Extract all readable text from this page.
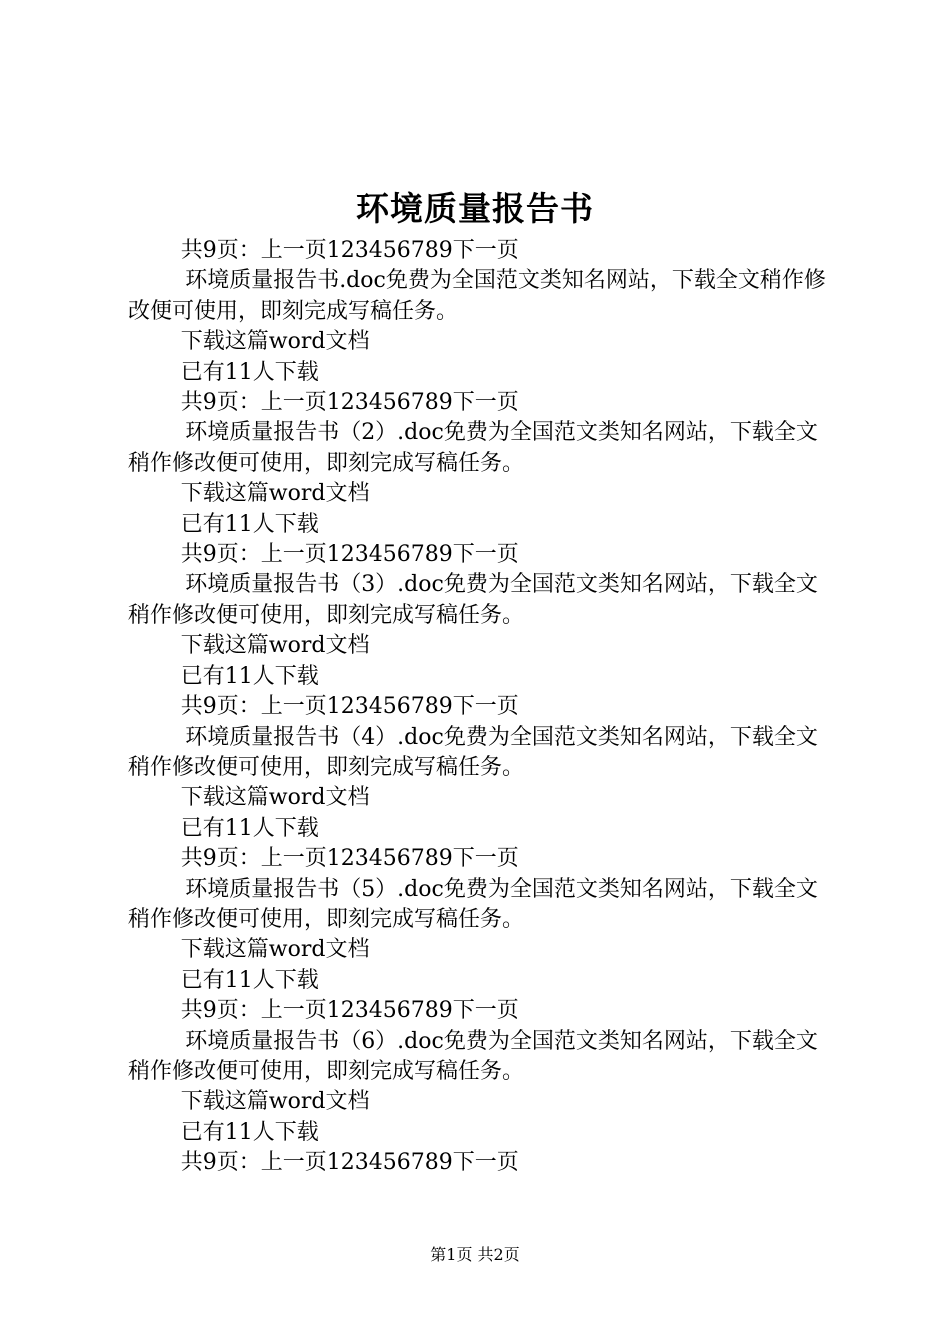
环境质量报告书

共9页：上一页123456789下一页

环境质量报告书.doc免费为全国范文类知名网站，下载全文稍作修改便可使用，即刻完成写稿任务。

下载这篇word文档

已有11人下载

共9页：上一页123456789下一页

环境质量报告书（2）.doc免费为全国范文类知名网站，下载全文稍作修改便可使用，即刻完成写稿任务。

下载这篇word文档

已有11人下载

共9页：上一页123456789下一页

环境质量报告书（3）.doc免费为全国范文类知名网站，下载全文稍作修改便可使用，即刻完成写稿任务。

下载这篇word文档

已有11人下载

共9页：上一页123456789下一页

环境质量报告书（4）.doc免费为全国范文类知名网站，下载全文稍作修改便可使用，即刻完成写稿任务。

下载这篇word文档

已有11人下载

共9页：上一页123456789下一页

环境质量报告书（5）.doc免费为全国范文类知名网站，下载全文稍作修改便可使用，即刻完成写稿任务。

下载这篇word文档

已有11人下载

共9页：上一页123456789下一页

环境质量报告书（6）.doc免费为全国范文类知名网站，下载全文稍作修改便可使用，即刻完成写稿任务。

下载这篇word文档

已有11人下载

共9页：上一页123456789下一页

第1页 共2页
